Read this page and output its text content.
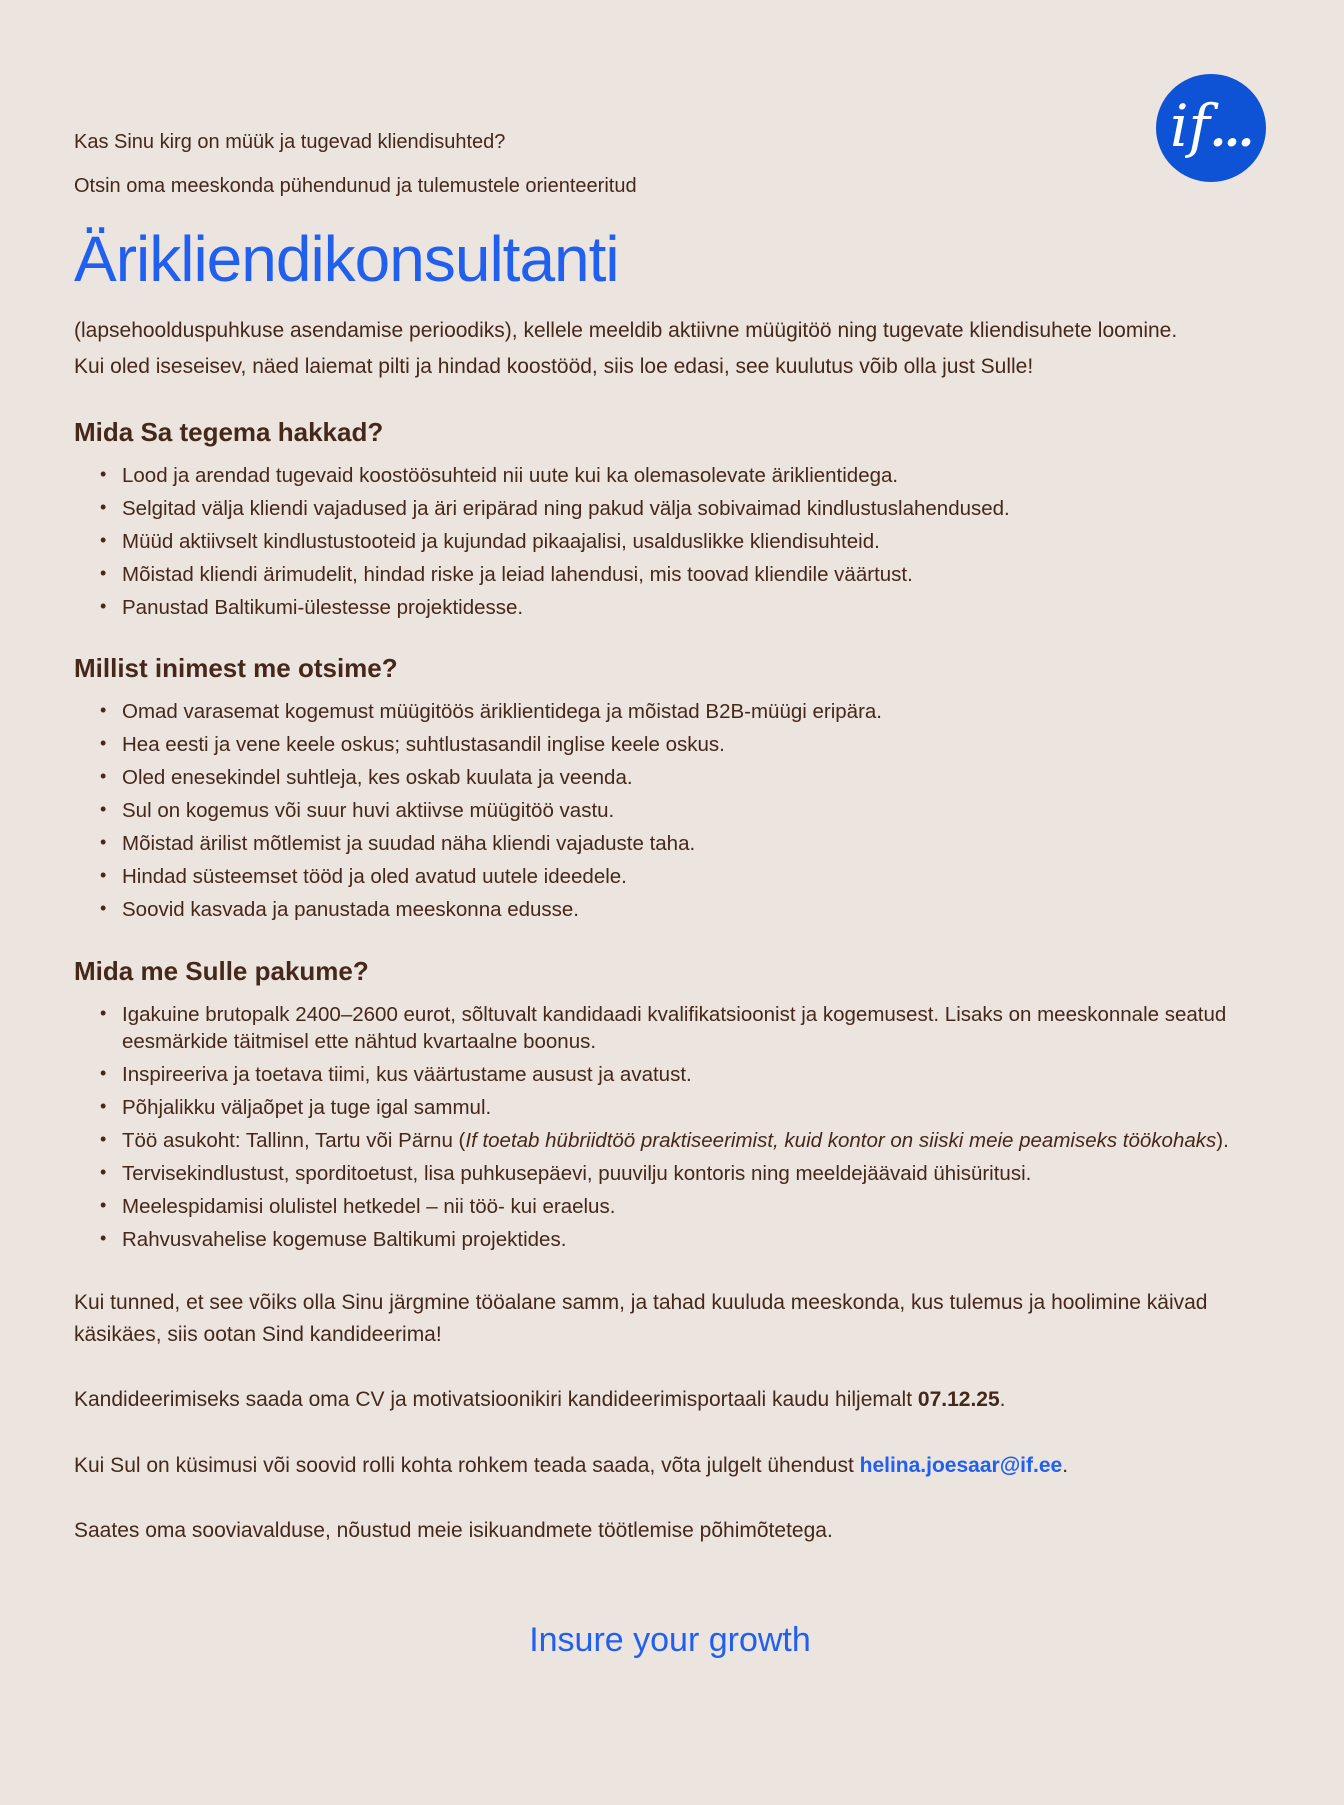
if...

Kas Sinu kirg on müük ja tugevad kliendisuhted?

Otsin oma meeskonda pühendunud ja tulemustele orienteeritud

Ärikliendikonsultanti

(lapsehoolduspuhkuse asendamise perioodiks), kellele meeldib aktiivne müügitöö ning tugevate kliendisuhete loomine.
Kui oled iseseisev, näed laiemat pilti ja hindad koostööd, siis loe edasi, see kuulutus võib olla just Sulle!

Mida Sa tegema hakkad?
• Lood ja arendad tugevaid koostöösuhteid nii uute kui ka olemasolevate äriklientidega.
• Selgitad välja kliendi vajadused ja äri eripärad ning pakud välja sobivaimad kindlustuslahendused.
• Müüd aktiivselt kindlustustooteid ja kujundad pikaajalisi, usalduslikke kliendisuhteid.
• Mõistad kliendi ärimudelit, hindad riske ja leiad lahendusi, mis toovad kliendile väärtust.
• Panustad Baltikumi-ülestesse projektidesse.
Millist inimest me otsime?
• Omad varasemat kogemust müügitöös äriklientidega ja mõistad B2B-müügi eripära.
• Hea eesti ja vene keele oskus; suhtlustasandil inglise keele oskus.
• Oled enesekindel suhtleja, kes oskab kuulata ja veenda.
• Sul on kogemus või suur huvi aktiivse müügitöö vastu.
• Mõistad ärilist mõtlemist ja suudad näha kliendi vajaduste taha.
• Hindad süsteemset tööd ja oled avatud uutele ideedele.
• Soovid kasvada ja panustada meeskonna edusse.
Mida me Sulle pakume?
• Igakuine brutopalk 2400–2600 eurot, sõltuvalt kandidaadi kvalifikatsioonist ja kogemusest. Lisaks on meeskonnale seatud eesmärkide täitmisel ette nähtud kvartaalne boonus.
• Inspireeriva ja toetava tiimi, kus väärtustame ausust ja avatust.
• Põhjalikku väljaõpet ja tuge igal sammul.
• Töö asukoht: Tallinn, Tartu või Pärnu (If toetab hübriidtöö praktiseerimist, kuid kontor on siiski meie peamiseks töökohaks).
• Tervisekindlustust, sporditoetust, lisa puhkusepäevi, puuvilju kontoris ning meeldejäävaid ühisüritusi.
• Meelespidamisi olulistel hetkedel – nii töö- kui eraelus.
• Rahvusvahelise kogemuse Baltikumi projektides.

Kui tunned, et see võiks olla Sinu järgmine tööalane samm, ja tahad kuuluda meeskonda, kus tulemus ja hoolimine käivad käsikäes, siis ootan Sind kandideerima!

Kandideerimiseks saada oma CV ja motivatsioonikiri kandideerimisportaali kaudu hiljemalt 07.12.25.

Kui Sul on küsimusi või soovid rolli kohta rohkem teada saada, võta julgelt ühendust helina.joesaar@if.ee.

Saates oma sooviavalduse, nõustud meie isikuandmete töötlemise põhimõtetega.

Insure your growth
